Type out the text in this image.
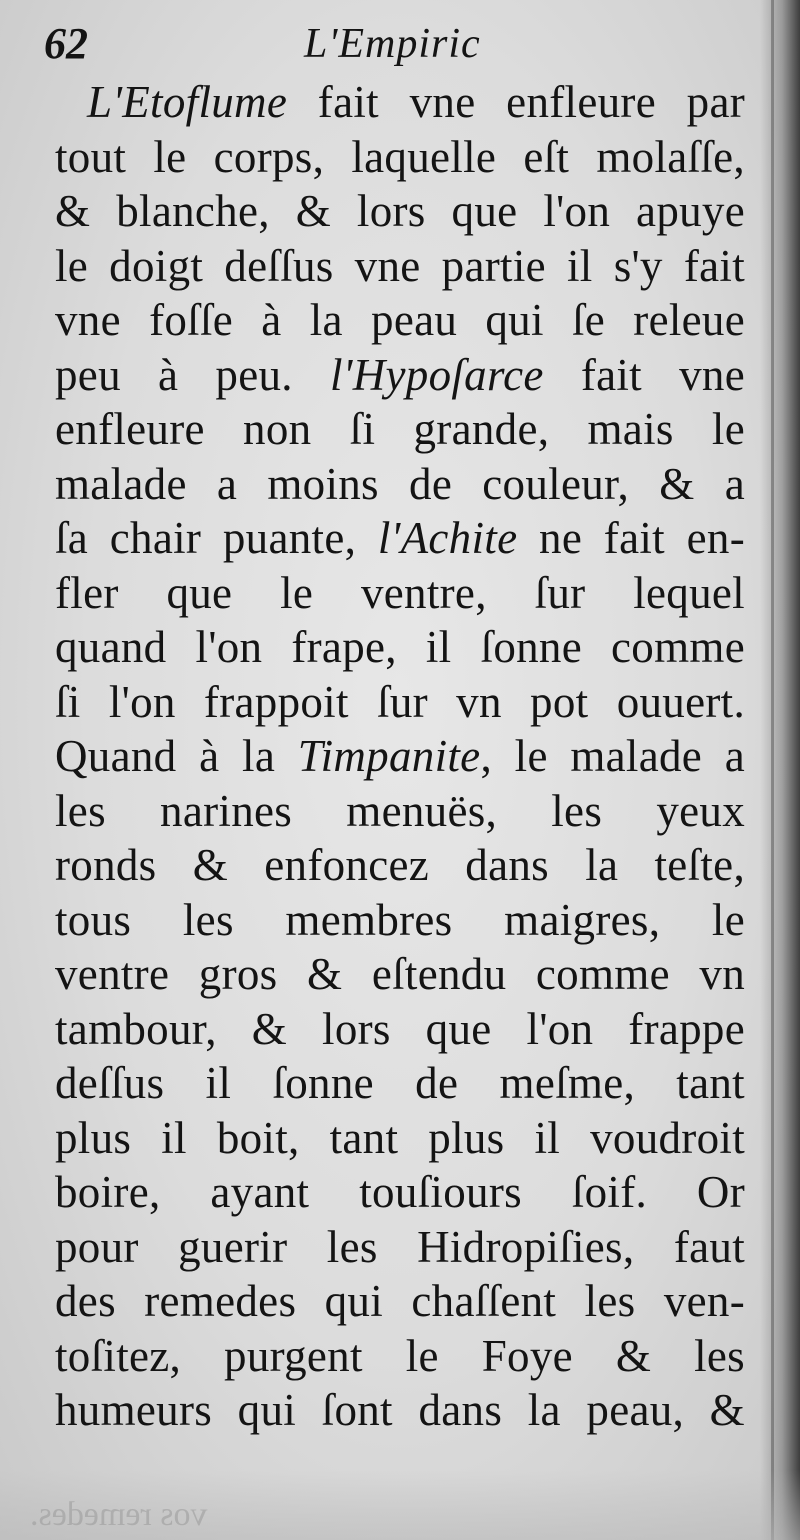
62	L'Empiric
L'Etoflume fait vne enfleure par
tout le corps, laquelle eſt molaſſe,
& blanche, & lors que l'on apuye
le doigt deſſus vne partie il s'y fait
vne foſſe à la peau qui ſe releue
peu à peu. l'Hypoſarce fait vne
enfleure non ſi grande, mais le
malade a moins de couleur, & a
ſa chair puante, l'Achite ne fait en-
fler que le ventre, ſur lequel
quand l'on frape, il ſonne comme
ſi l'on frappoit ſur vn pot ouuert.
Quand à la Timpanite, le malade a
les narines menuës, les yeux
ronds & enfoncez dans la teſte,
tous les membres maigres, le
ventre gros & eſtendu comme vn
tambour, & lors que l'on frappe
deſſus il ſonne de meſme, tant
plus il boit, tant plus il voudroit
boire, ayant touſiours ſoif. Or
pour guerir les Hidropiſies, faut
des remedes qui chaſſent les ven-
toſitez, purgent le Foye & les
humeurs qui ſont dans la peau, &
vos remedes.
